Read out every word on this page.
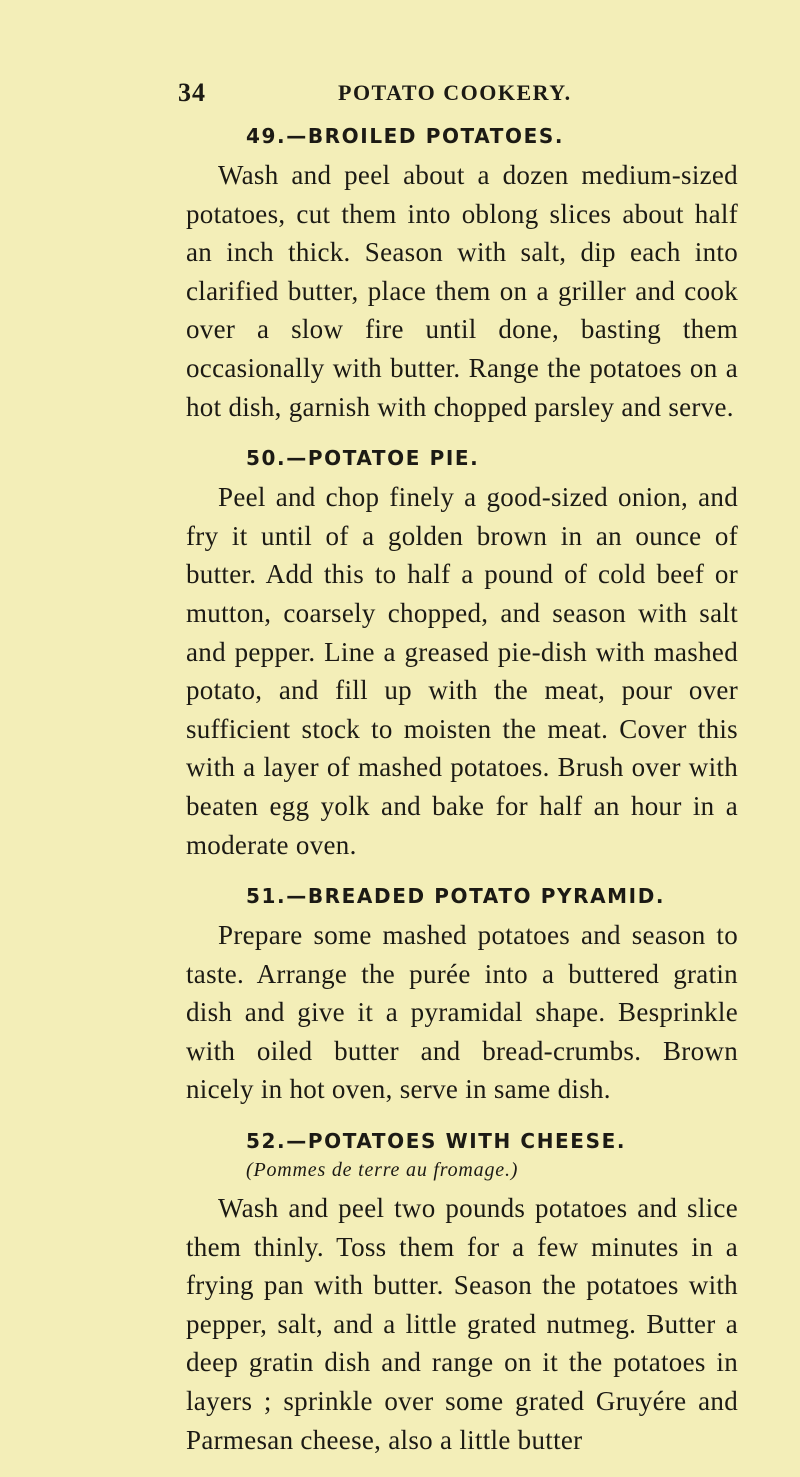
34	POTATO COOKERY.
49.—BROILED POTATOES.

Wash and peel about a dozen medium-sized potatoes, cut them into oblong slices about half an inch thick. Season with salt, dip each into clarified butter, place them on a griller and cook over a slow fire until done, basting them occasionally with butter. Range the potatoes on a hot dish, garnish with chopped parsley and serve.

50.—POTATOE PIE.

Peel and chop finely a good-sized onion, and fry it until of a golden brown in an ounce of butter. Add this to half a pound of cold beef or mutton, coarsely chopped, and season with salt and pepper. Line a greased pie-dish with mashed potato, and fill up with the meat, pour over sufficient stock to moisten the meat. Cover this with a layer of mashed potatoes. Brush over with beaten egg yolk and bake for half an hour in a moderate oven.

51.—BREADED POTATO PYRAMID.

Prepare some mashed potatoes and season to taste. Arrange the purée into a buttered gratin dish and give it a pyramidal shape. Besprinkle with oiled butter and bread-crumbs. Brown nicely in hot oven, serve in same dish.

52.—POTATOES WITH CHEESE.
(Pommes de terre au fromage.)

Wash and peel two pounds potatoes and slice them thinly. Toss them for a few minutes in a frying pan with butter. Season the potatoes with pepper, salt, and a little grated nutmeg. Butter a deep gratin dish and range on it the potatoes in layers ; sprinkle over some grated Gruyére and Parmesan cheese, also a little butter
